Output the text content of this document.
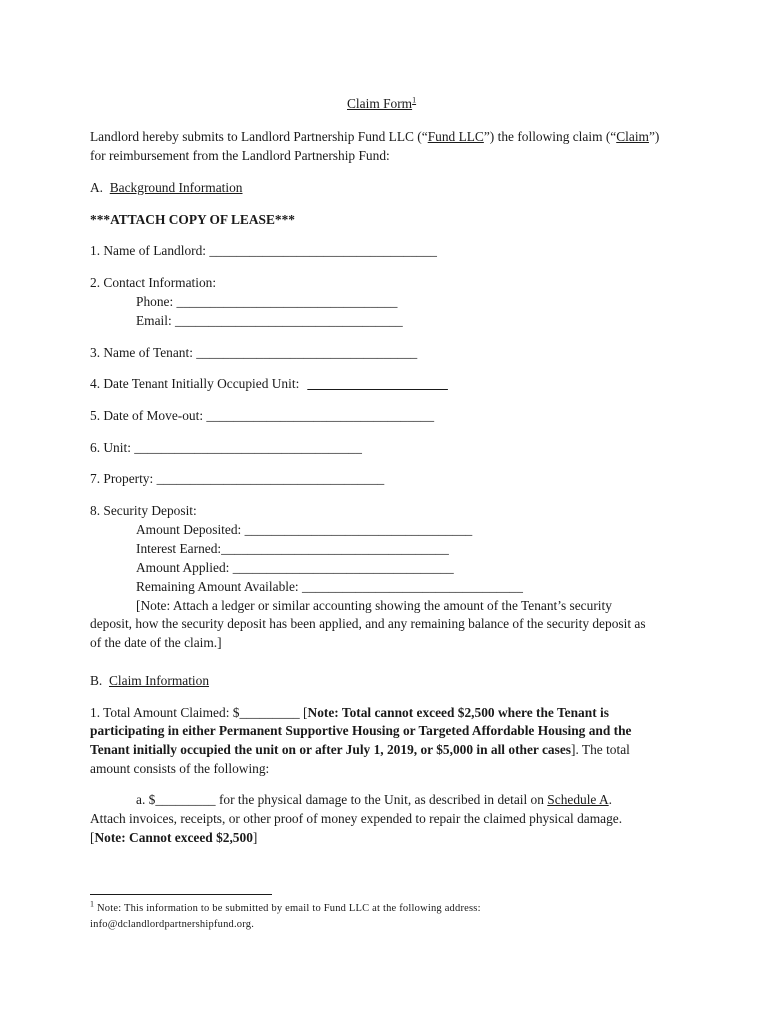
Claim Form$^1$
Landlord hereby submits to Landlord Partnership Fund LLC (“Fund LLC”) the following claim (“Claim”)
for reimbursement from the Landlord Partnership Fund:
A. Background Information
***ATTACH COPY OF LEASE***
1. Name of Landlord: __________________________________
2. Contact Information:
Phone: _________________________________
Email: __________________________________
3. Name of Tenant: _________________________________
4. Date Tenant Initially Occupied Unit:
5. Date of Move-out: __________________________________
6. Unit: __________________________________
7. Property: __________________________________
8. Security Deposit:
Amount Deposited: __________________________________
Interest Earned:__________________________________
Amount Applied: _________________________________
Remaining Amount Available: _________________________________
[Note: Attach a ledger or similar accounting showing the amount of the Tenant’s security
deposit, how the security deposit has been applied, and any remaining balance of the security deposit as
of the date of the claim.]
B. Claim Information
1. Total Amount Claimed: $_________ [Note: Total cannot exceed $2,500 where the Tenant is
participating in either Permanent Supportive Housing or Targeted Affordable Housing and the
Tenant initially occupied the unit on or after July 1, 2019, or $5,000 in all other cases]. The total
amount consists of the following:
a. $_________ for the physical damage to the Unit, as described in detail on Schedule A.
Attach invoices, receipts, or other proof of money expended to repair the claimed physical damage.
[Note: Cannot exceed $2,500]
$^1$ Note: This information to be submitted by email to Fund LLC at the following address:
info@dclandlordpartnershipfund.org.
